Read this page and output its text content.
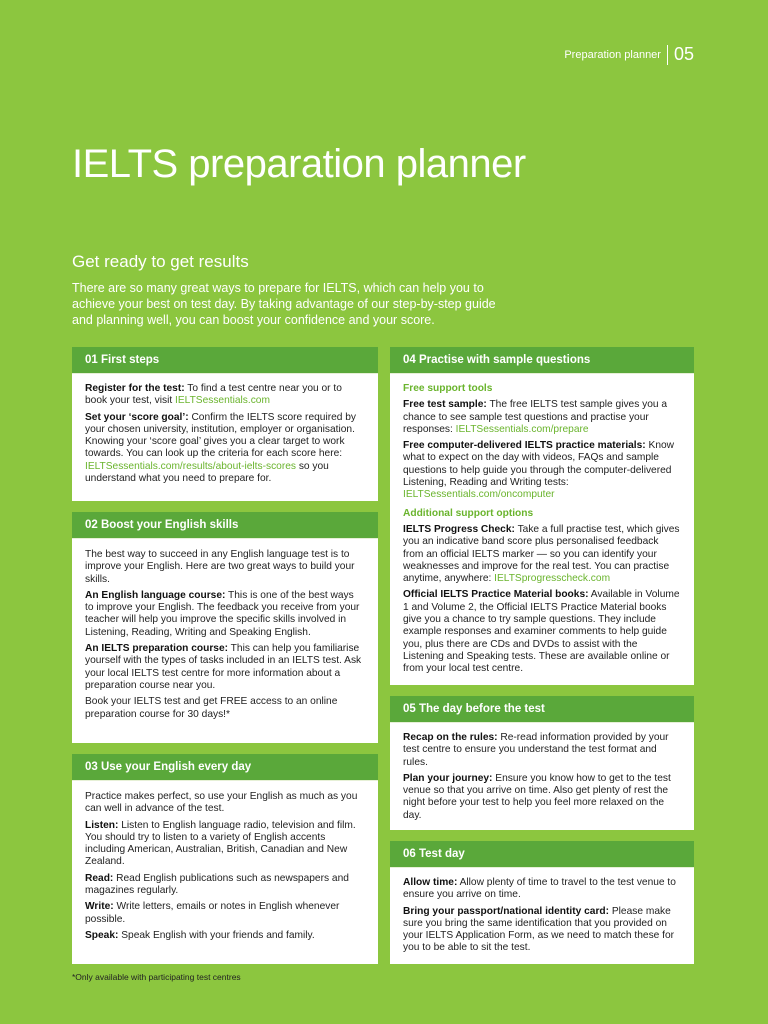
Preparation planner 05
IELTS preparation planner
Get ready to get results

There are so many great ways to prepare for IELTS, which can help you to achieve your best on test day. By taking advantage of our step-by-step guide and planning well, you can boost your confidence and your score.

01 First steps

Register for the test: To find a test centre near you or to book your test, visit IELTSessentials.com

Set your ‘score goal’: Confirm the IELTS score required by your chosen university, institution, employer or organisation. Knowing your ‘score goal’ gives you a clear target to work towards. You can look up the criteria for each score here: IELTSessentials.com/results/about-ielts-scores so you understand what you need to prepare for.

02 Boost your English skills

The best way to succeed in any English language test is to improve your English. Here are two great ways to build your skills.

An English language course: This is one of the best ways to improve your English. The feedback you receive from your teacher will help you improve the specific skills involved in Listening, Reading, Writing and Speaking English.

An IELTS preparation course: This can help you familiarise yourself with the types of tasks included in an IELTS test. Ask your local IELTS test centre for more information about a preparation course near you.

Book your IELTS test and get FREE access to an online preparation course for 30 days!*

03 Use your English every day

Practice makes perfect, so use your English as much as you can well in advance of the test.

Listen: Listen to English language radio, television and film. You should try to listen to a variety of English accents including American, Australian, British, Canadian and New Zealand.

Read: Read English publications such as newspapers and magazines regularly.

Write: Write letters, emails or notes in English whenever possible.

Speak: Speak English with your friends and family.

04 Practise with sample questions

Free support tools

Free test sample: The free IELTS test sample gives you a chance to see sample test questions and practise your responses: IELTSessentials.com/prepare

Free computer-delivered IELTS practice materials: Know what to expect on the day with videos, FAQs and sample questions to help guide you through the computer-delivered Listening, Reading and Writing tests: IELTSessentials.com/oncomputer

Additional support options

IELTS Progress Check: Take a full practise test, which gives you an indicative band score plus personalised feedback from an official IELTS marker — so you can identify your weaknesses and improve for the real test. You can practise anytime, anywhere: IELTSprogresscheck.com

Official IELTS Practice Material books: Available in Volume 1 and Volume 2, the Official IELTS Practice Material books give you a chance to try sample questions. They include example responses and examiner comments to help guide you, plus there are CDs and DVDs to assist with the Listening and Speaking tests. These are available online or from your local test centre.

05 The day before the test

Recap on the rules: Re-read information provided by your test centre to ensure you understand the test format and rules.

Plan your journey: Ensure you know how to get to the test venue so that you arrive on time. Also get plenty of rest the night before your test to help you feel more relaxed on the day.

06 Test day

Allow time: Allow plenty of time to travel to the test venue to ensure you arrive on time.

Bring your passport/national identity card: Please make sure you bring the same identification that you provided on your IELTS Application Form, as we need to match these for you to be able to sit the test.

*Only available with participating test centres
